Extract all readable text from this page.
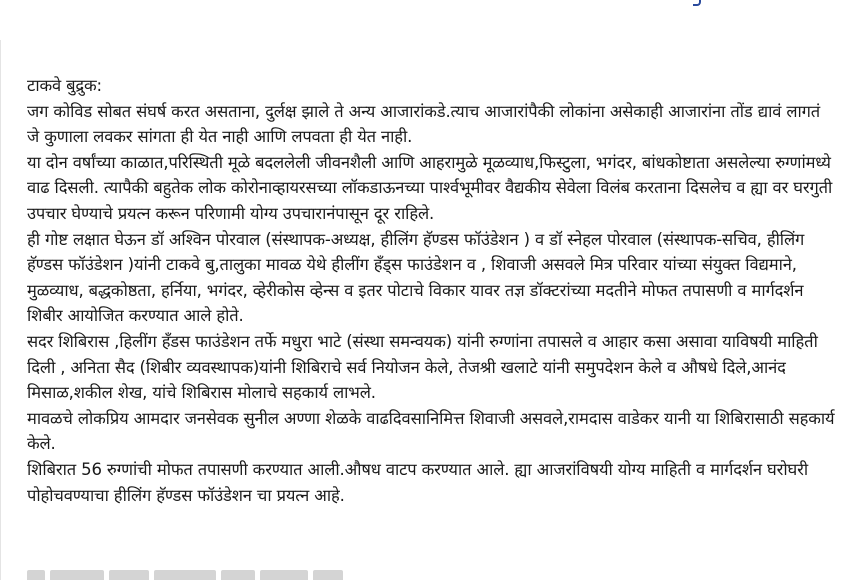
टाकवे बुद्रुक:

जग कोविड सोबत संघर्ष करत असताना, दुर्लक्ष झाले ते अन्य आजारांकडे.त्याच आजारांपैकी लोकांना असेकाही आजारांना तोंड द्यावं लागतं जे कुणाला लवकर सांगता ही येत नाही आणि लपवता ही येत नाही.

या दोन वर्षांच्या काळात,परिस्थिती मूळे बदललेली जीवनशैली आणि आहरामुळे मूळव्याध,फिस्टुला, भगंदर, बांधकोष्टाता असलेल्या रुग्णांमध्ये वाढ दिसली. त्यापैकी बहुतेक लोक कोरोनाव्हायरसच्या लॉकडाऊनच्या पार्श्वभूमीवर वैद्यकीय सेवेला विलंब करताना दिसलेच व ह्या वर घरगुती उपचार घेण्याचे प्रयत्न करून परिणामी योग्य उपचारानंपासून दूर राहिले.

ही गोष्ट लक्षात घेऊन डॉ अश्विन पोरवाल (संस्थापक-अध्यक्ष, हीलिंग हॅण्डस फॉउंडेशन ) व डॉ स्नेहल पोरवाल (संस्थापक-सचिव, हीलिंग हॅण्डस फॉउंडेशन )यांनी टाकवे बु,तालुका मावळ येथे हीलींग हँड्स फाउंडेशन व , शिवाजी असवले मित्र परिवार यांच्या संयुक्त विद्यमाने, मुळव्याध, बद्धकोष्ठता, हर्निया, भगंदर, व्हेरीकोस व्हेन्स व इतर पोटाचे विकार यावर तज्ञ डॉक्टरांच्या मदतीने मोफत तपासणी व मार्गदर्शन शिबीर आयोजित करण्यात आले होते.

सदर शिबिरास ,हिलींग हँडस फाउंडेशन तर्फे मधुरा भाटे (संस्था समन्वयक) यांनी रुग्णांना तपासले व आहार कसा असावा याविषयी माहिती दिली , अनिता सैद (शिबीर व्यवस्थापक)यांनी शिबिराचे सर्व नियोजन केले, तेजश्री खलाटे यांनी समुपदेशन केले व औषधे दिले,आनंद मिसाळ,शकील शेख, यांचे शिबिरास मोलाचे सहकार्य लाभले.

मावळचे लोकप्रिय आमदार जनसेवक सुनील अण्णा शेळके वाढदिवसानिमित्त शिवाजी असवले,रामदास वाडेकर यानी या शिबिरासाठी सहकार्य केले.

शिबिरात 56 रुग्णांची मोफत तपासणी करण्यात आली.औषध वाटप करण्यात आले. ह्या आजरांविषयी योग्य माहिती व मार्गदर्शन घरोघरी पोहोचवण्याचा हीलिंग हॅण्डस फॉउंडेशन चा प्रयत्न आहे.
